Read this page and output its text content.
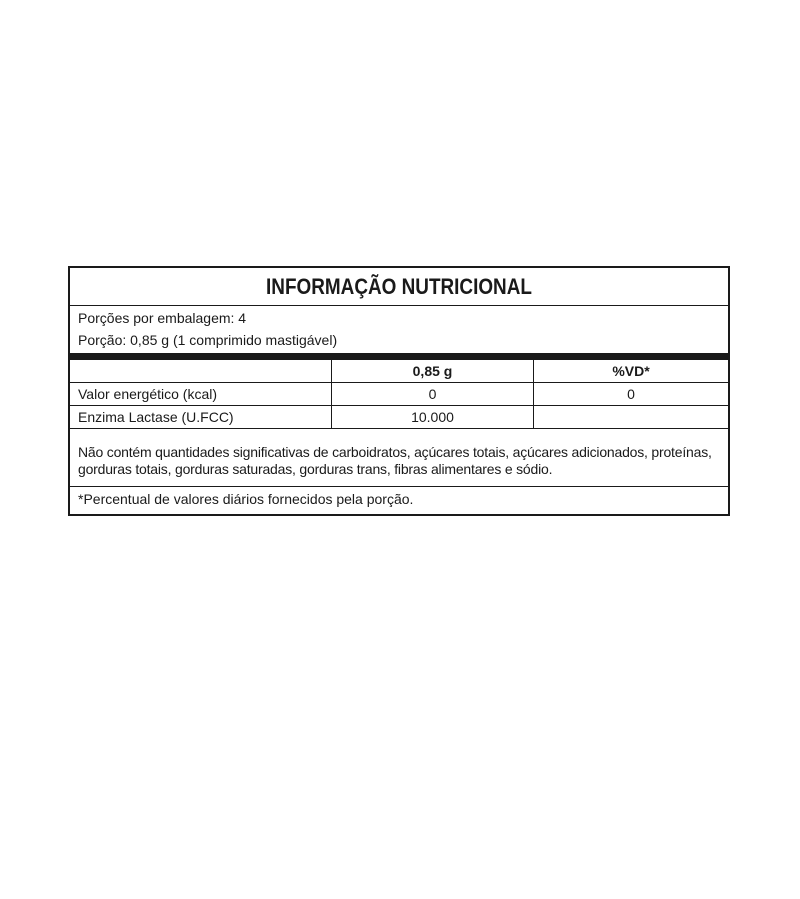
INFORMAÇÃO NUTRICIONAL
Porções por embalagem: 4
Porção: 0,85 g (1 comprimido mastigável)
	0,85 g	%VD*
Valor energético (kcal)	0	0
Enzima Lactase (U.FCC)	10.000	
Não contém quantidades significativas de carboidratos, açúcares totais, açúcares adicionados, proteínas, gorduras totais, gorduras saturadas, gorduras trans, fibras alimentares e sódio.
*Percentual de valores diários fornecidos pela porção.
